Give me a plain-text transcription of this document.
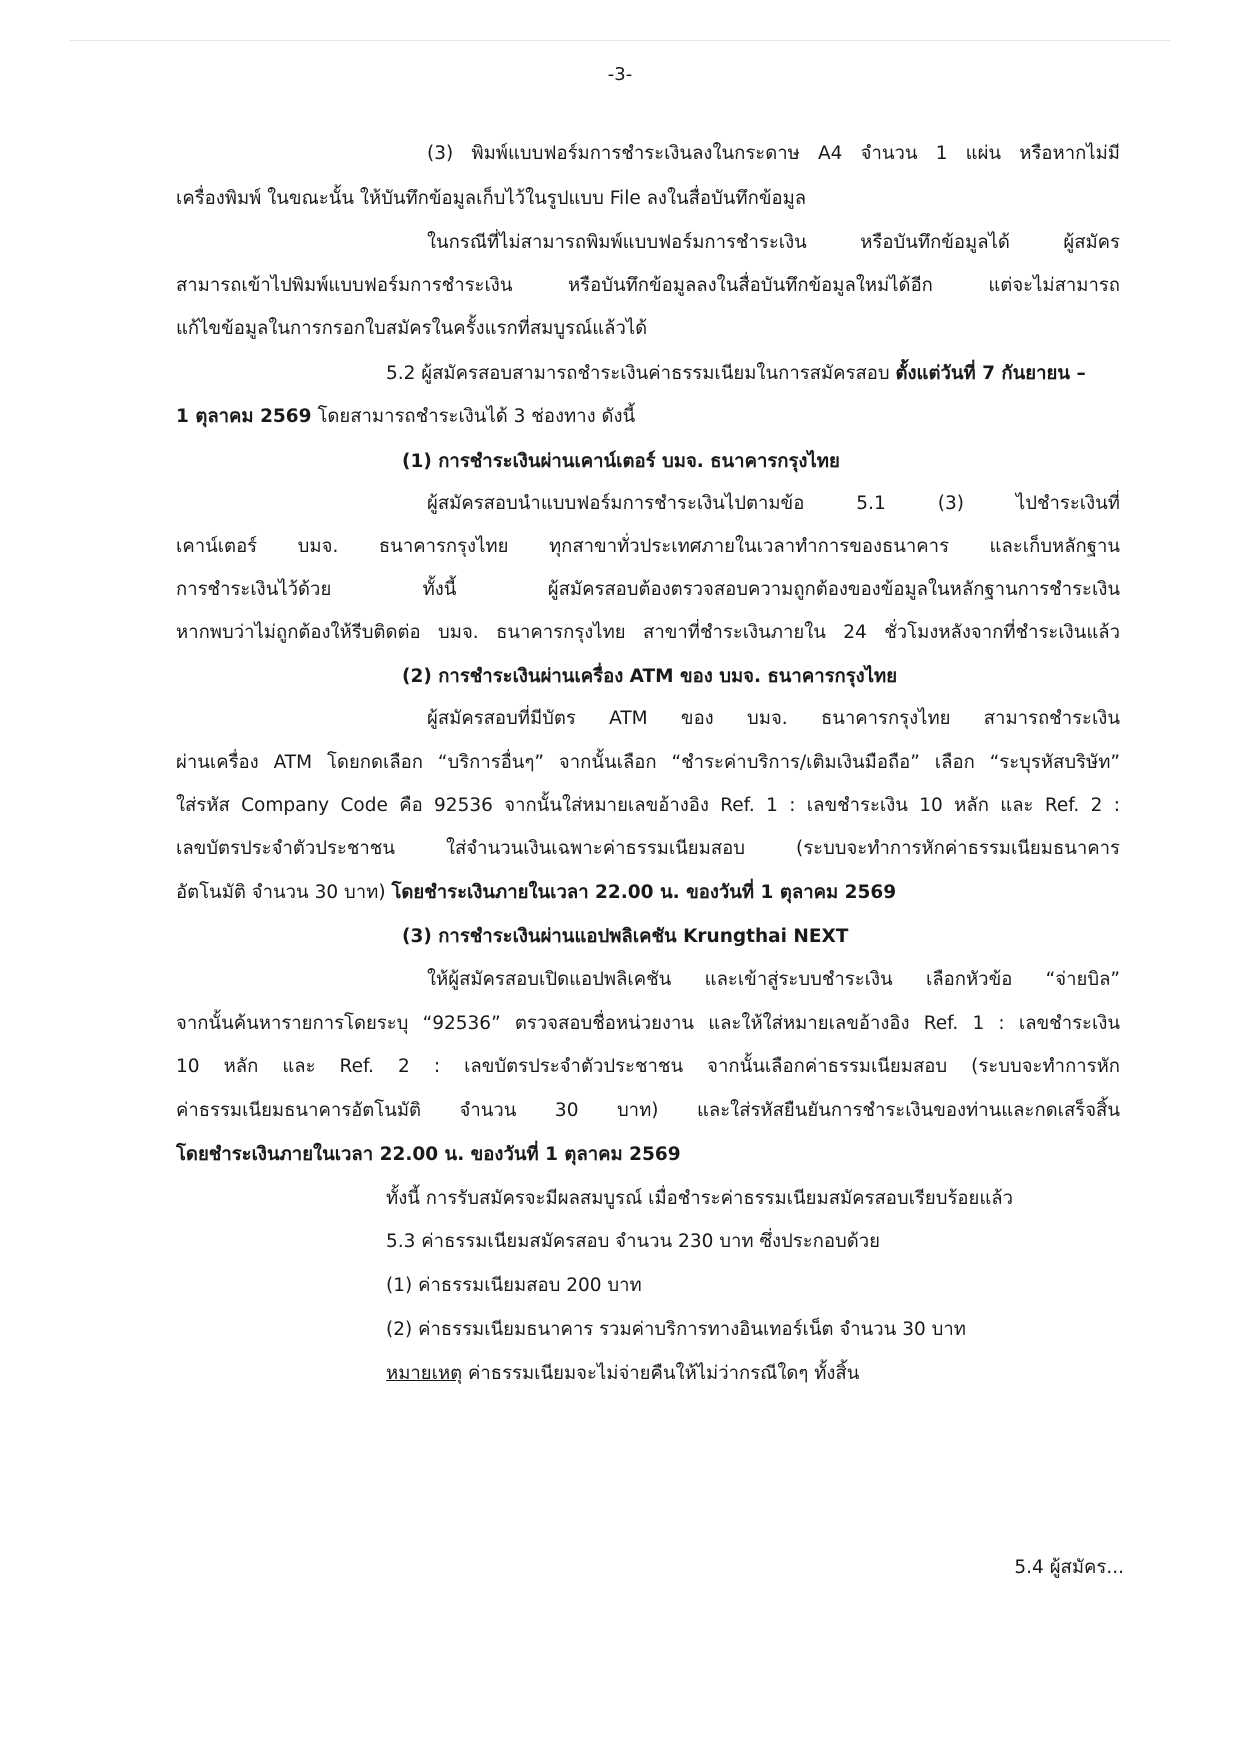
-3-
(3) พิมพ์แบบฟอร์มการชำระเงินลงในกระดาษ A4 จำนวน 1 แผ่น หรือหากไม่มี
เครื่องพิมพ์ ในขณะนั้น ให้บันทึกข้อมูลเก็บไว้ในรูปแบบ File ลงในสื่อบันทึกข้อมูล
ในกรณีที่ไม่สามารถพิมพ์แบบฟอร์มการชำระเงิน หรือบันทึกข้อมูลได้ ผู้สมัคร
สามารถเข้าไปพิมพ์แบบฟอร์มการชำระเงิน หรือบันทึกข้อมูลลงในสื่อบันทึกข้อมูลใหม่ได้อีก แต่จะไม่สามารถ
แก้ไขข้อมูลในการกรอกใบสมัครในครั้งแรกที่สมบูรณ์แล้วได้
5.2 ผู้สมัครสอบสามารถชำระเงินค่าธรรมเนียมในการสมัครสอบ ตั้งแต่วันที่ 7 กันยายน –
1 ตุลาคม 2569 โดยสามารถชำระเงินได้ 3 ช่องทาง ดังนี้
(1) การชำระเงินผ่านเคาน์เตอร์ บมจ. ธนาคารกรุงไทย
ผู้สมัครสอบนำแบบฟอร์มการชำระเงินไปตามข้อ 5.1 (3) ไปชำระเงินที่
เคาน์เตอร์ บมจ. ธนาคารกรุงไทย ทุกสาขาทั่วประเทศภายในเวลาทำการของธนาคาร และเก็บหลักฐาน
การชำระเงินไว้ด้วย ทั้งนี้ ผู้สมัครสอบต้องตรวจสอบความถูกต้องของข้อมูลในหลักฐานการชำระเงิน
หากพบว่าไม่ถูกต้องให้รีบติดต่อ บมจ. ธนาคารกรุงไทย สาขาที่ชำระเงินภายใน 24 ชั่วโมงหลังจากที่ชำระเงินแล้ว
(2) การชำระเงินผ่านเครื่อง ATM ของ บมจ. ธนาคารกรุงไทย
ผู้สมัครสอบที่มีบัตร ATM ของ บมจ. ธนาคารกรุงไทย สามารถชำระเงิน
ผ่านเครื่อง ATM โดยกดเลือก “บริการอื่นๆ” จากนั้นเลือก “ชำระค่าบริการ/เติมเงินมือถือ” เลือก “ระบุรหัสบริษัท”
ใส่รหัส Company Code คือ 92536 จากนั้นใส่หมายเลขอ้างอิง Ref. 1 : เลขชำระเงิน 10 หลัก และ Ref. 2 :
เลขบัตรประจำตัวประชาชน ใส่จำนวนเงินเฉพาะค่าธรรมเนียมสอบ (ระบบจะทำการหักค่าธรรมเนียมธนาคาร
อัตโนมัติ จำนวน 30 บาท) โดยชำระเงินภายในเวลา 22.00 น. ของวันที่ 1 ตุลาคม 2569
(3) การชำระเงินผ่านแอปพลิเคชัน Krungthai NEXT
ให้ผู้สมัครสอบเปิดแอปพลิเคชัน และเข้าสู่ระบบชำระเงิน เลือกหัวข้อ “จ่ายบิล”
จากนั้นค้นหารายการโดยระบุ “92536” ตรวจสอบชื่อหน่วยงาน และให้ใส่หมายเลขอ้างอิง Ref. 1 : เลขชำระเงิน
10 หลัก และ Ref. 2 : เลขบัตรประจำตัวประชาชน จากนั้นเลือกค่าธรรมเนียมสอบ (ระบบจะทำการหัก
ค่าธรรมเนียมธนาคารอัตโนมัติ จำนวน 30 บาท) และใส่รหัสยืนยันการชำระเงินของท่านและกดเสร็จสิ้น
โดยชำระเงินภายในเวลา 22.00 น. ของวันที่ 1 ตุลาคม 2569
ทั้งนี้ การรับสมัครจะมีผลสมบูรณ์ เมื่อชำระค่าธรรมเนียมสมัครสอบเรียบร้อยแล้ว
5.3 ค่าธรรมเนียมสมัครสอบ จำนวน 230 บาท ซึ่งประกอบด้วย
(1) ค่าธรรมเนียมสอบ 200 บาท
(2) ค่าธรรมเนียมธนาคาร รวมค่าบริการทางอินเทอร์เน็ต จำนวน 30 บาท
หมายเหตุ ค่าธรรมเนียมจะไม่จ่ายคืนให้ไม่ว่ากรณีใดๆ ทั้งสิ้น
5.4 ผู้สมัคร...
